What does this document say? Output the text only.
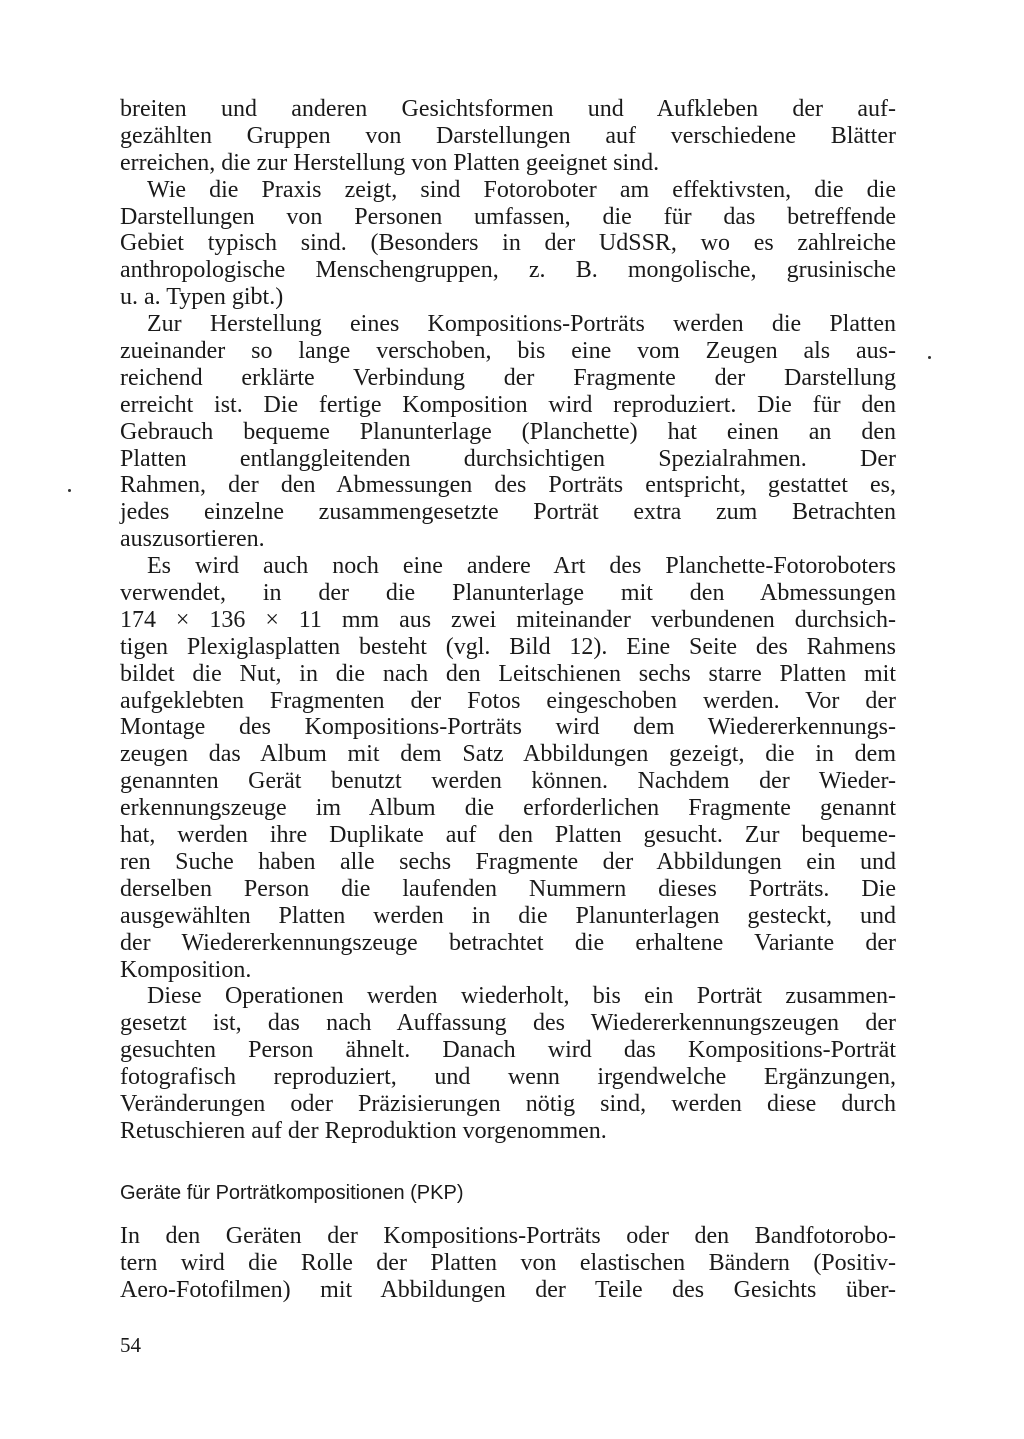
breiten und anderen Gesichtsformen und Aufkleben der auf-
gezählten Gruppen von Darstellungen auf verschiedene Blätter
erreichen, die zur Herstellung von Platten geeignet sind.

Wie die Praxis zeigt, sind Fotoroboter am effektivsten, die die
Darstellungen von Personen umfassen, die für das betreffende
Gebiet typisch sind. (Besonders in der UdSSR, wo es zahlreiche
anthropologische Menschengruppen, z. B. mongolische, grusinische
u. a. Typen gibt.)

Zur Herstellung eines Kompositions-Porträts werden die Platten
zueinander so lange verschoben, bis eine vom Zeugen als aus-
reichend erklärte Verbindung der Fragmente der Darstellung
erreicht ist. Die fertige Komposition wird reproduziert. Die für den
Gebrauch bequeme Planunterlage (Planchette) hat einen an den
Platten entlanggleitenden durchsichtigen Spezialrahmen. Der
Rahmen, der den Abmessungen des Porträts entspricht, gestattet es,
jedes einzelne zusammengesetzte Porträt extra zum Betrachten
auszusortieren.

Es wird auch noch eine andere Art des Planchette-Fotoroboters
verwendet, in der die Planunterlage mit den Abmessungen
174 × 136 × 11 mm aus zwei miteinander verbundenen durchsich-
tigen Plexiglasplatten besteht (vgl. Bild 12). Eine Seite des Rahmens
bildet die Nut, in die nach den Leitschienen sechs starre Platten mit
aufgeklebten Fragmenten der Fotos eingeschoben werden. Vor der
Montage des Kompositions-Porträts wird dem Wiedererkennungs-
zeugen das Album mit dem Satz Abbildungen gezeigt, die in dem
genannten Gerät benutzt werden können. Nachdem der Wieder-
erkennungszeuge im Album die erforderlichen Fragmente genannt
hat, werden ihre Duplikate auf den Platten gesucht. Zur bequeme-
ren Suche haben alle sechs Fragmente der Abbildungen ein und
derselben Person die laufenden Nummern dieses Porträts. Die
ausgewählten Platten werden in die Planunterlagen gesteckt, und
der Wiedererkennungszeuge betrachtet die erhaltene Variante der
Komposition.

Diese Operationen werden wiederholt, bis ein Porträt zusammen-
gesetzt ist, das nach Auffassung des Wiedererkennungszeugen der
gesuchten Person ähnelt. Danach wird das Kompositions-Porträt
fotografisch reproduziert, und wenn irgendwelche Ergänzungen,
Veränderungen oder Präzisierungen nötig sind, werden diese durch
Retuschieren auf der Reproduktion vorgenommen.

Geräte für Porträtkompositionen (PKP)

In den Geräten der Kompositions-Porträts oder den Bandfotorobo-
tern wird die Rolle der Platten von elastischen Bändern (Positiv-
Aero-Fotofilmen) mit Abbildungen der Teile des Gesichts über-

54
